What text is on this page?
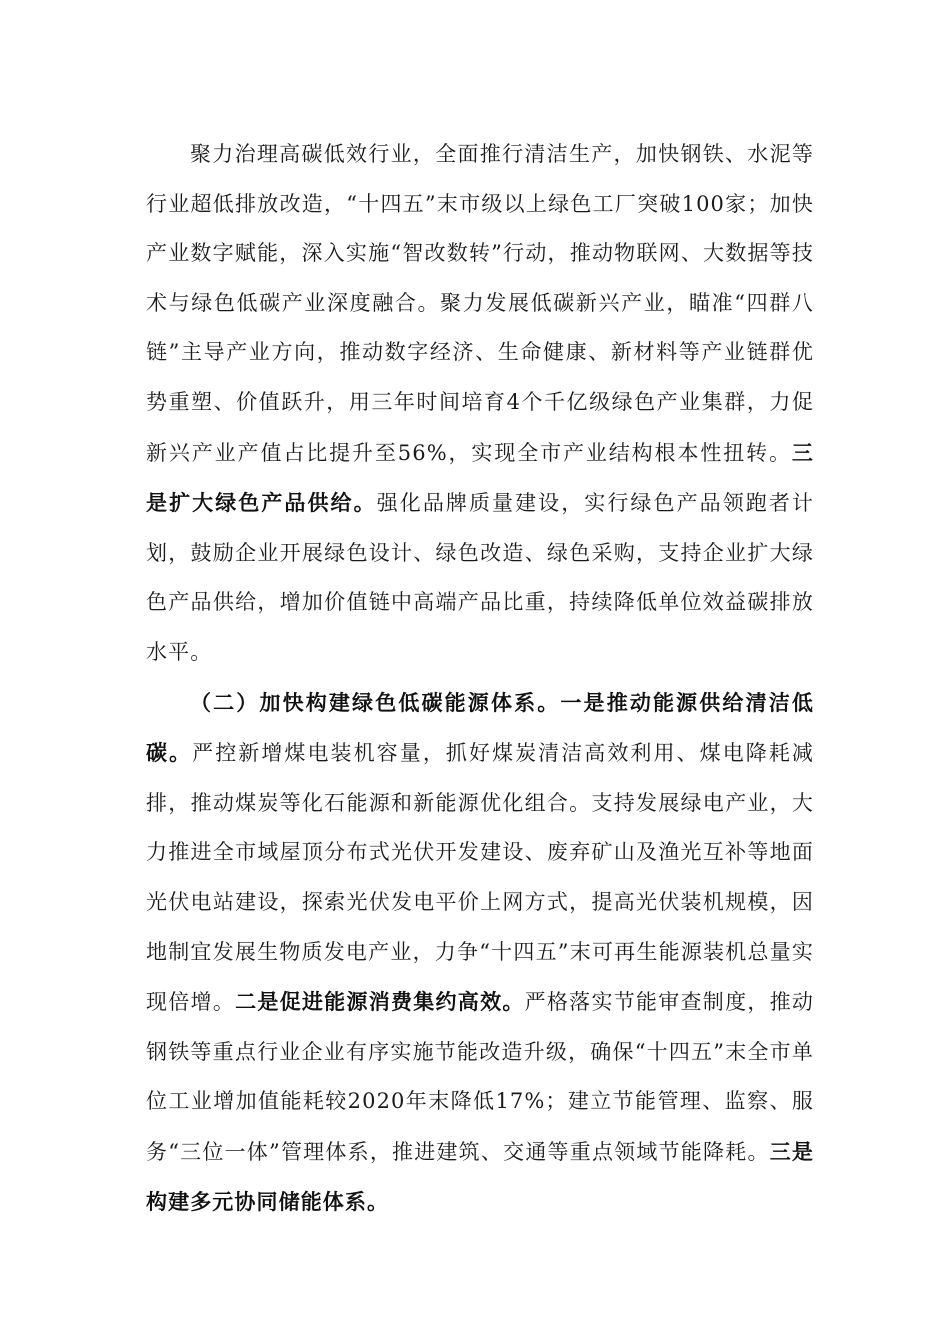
聚力治理高碳低效行业，全面推行清洁生产，加快钢铁、水泥等行业超低排放改造，“十四五”末市级以上绿色工厂突破100家；加快产业数字赋能，深入实施“智改数转”行动，推动物联网、大数据等技术与绿色低碳产业深度融合。聚力发展低碳新兴产业，瞄准“四群八链”主导产业方向，推动数字经济、生命健康、新材料等产业链群优势重塑、价值跃升，用三年时间培育4个千亿级绿色产业集群，力促新兴产业产值占比提升至56%，实现全市产业结构根本性扭转。三是扩大绿色产品供给。强化品牌质量建设，实行绿色产品领跑者计划，鼓励企业开展绿色设计、绿色改造、绿色采购，支持企业扩大绿色产品供给，增加价值链中高端产品比重，持续降低单位效益碳排放水平。

（二）加快构建绿色低碳能源体系。一是推动能源供给清洁低碳。严控新增煤电装机容量，抓好煤炭清洁高效利用、煤电降耗减排，推动煤炭等化石能源和新能源优化组合。支持发展绿电产业，大力推进全市域屋顶分布式光伏开发建设、废弃矿山及渔光互补等地面光伏电站建设，探索光伏发电平价上网方式，提高光伏装机规模，因地制宜发展生物质发电产业，力争“十四五”末可再生能源装机总量实现倍增。二是促进能源消费集约高效。严格落实节能审查制度，推动钢铁等重点行业企业有序实施节能改造升级，确保“十四五”末全市单位工业增加值能耗较2020年末降低17%；建立节能管理、监察、服务“三位一体”管理体系，推进建筑、交通等重点领域节能降耗。三是构建多元协同储能体系。
